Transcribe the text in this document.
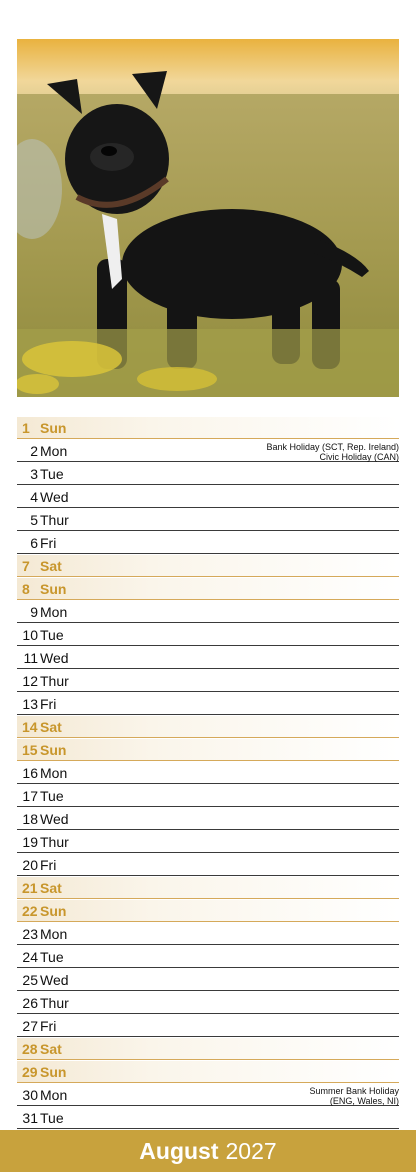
1 Sun
2 Mon	Bank Holiday (SCT, Rep. Ireland)
Civic Holiday (CAN)
3 Tue
4 Wed
5 Thur
6 Fri
7 Sat
8 Sun
9 Mon
10 Tue
11 Wed
12 Thur
13 Fri
14 Sat
15 Sun
16 Mon
17 Tue
18 Wed
19 Thur
20 Fri
21 Sat
22 Sun
23 Mon
24 Tue
25 Wed
26 Thur
27 Fri
28 Sat
29 Sun
30 Mon	Summer Bank Holiday
(ENG, Wales, NI)
31 Tue
August 2027
